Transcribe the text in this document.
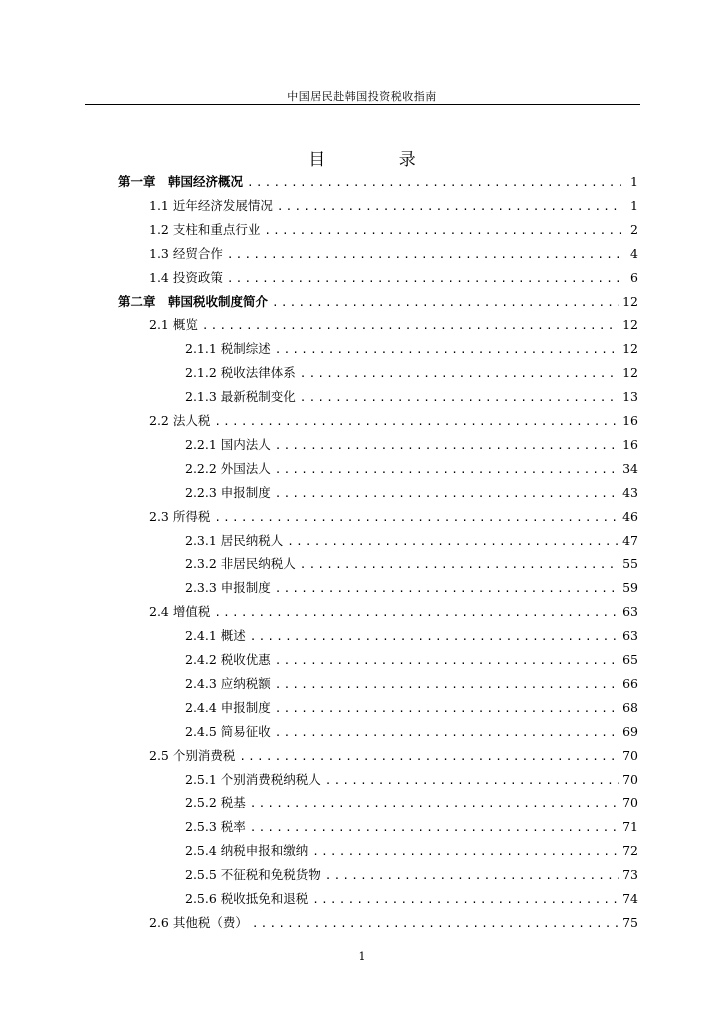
中国居民赴韩国投资税收指南
目 录
第一章　韩国经济概况 .....	1
1.1 近年经济发展情况 .....	1
1.2 支柱和重点行业 .....	2
1.3 经贸合作 .....	4
1.4 投资政策 .....	6
第二章　韩国税收制度简介 .....	12
2.1 概览 .....	12
2.1.1 税制综述 .....	12
2.1.2 税收法律体系 .....	12
2.1.3 最新税制变化 .....	13
2.2 法人税 .....	16
2.2.1 国内法人 .....	16
2.2.2 外国法人 .....	34
2.2.3 申报制度 .....	43
2.3 所得税 .....	46
2.3.1 居民纳税人 .....	47
2.3.2 非居民纳税人 .....	55
2.3.3 申报制度 .....	59
2.4 增值税 .....	63
2.4.1 概述 .....	63
2.4.2 税收优惠 .....	65
2.4.3 应纳税额 .....	66
2.4.4 申报制度 .....	68
2.4.5 简易征收 .....	69
2.5 个别消费税 .....	70
2.5.1 个别消费税纳税人 .....	70
2.5.2 税基 .....	70
2.5.3 税率 .....	71
2.5.4 纳税申报和缴纳 .....	72
2.5.5 不征税和免税货物 .....	73
2.5.6 税收抵免和退税 .....	74
2.6 其他税（费） .....	75
1
